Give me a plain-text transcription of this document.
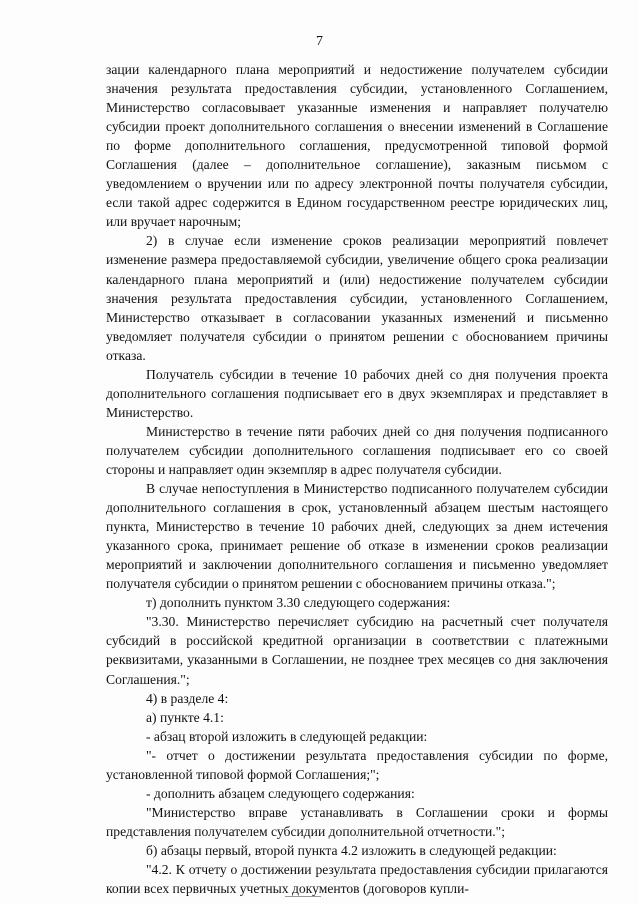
7

зации календарного плана мероприятий и недостижение получателем субсидии значения результата предоставления субсидии, установленного Соглашением, Министерство согласовывает указанные изменения и направляет получателю субсидии проект дополнительного соглашения о внесении изменений в Соглашение по форме дополнительного соглашения, предусмотренной типовой формой Соглашения (далее – дополнительное соглашение), заказным письмом с уведомлением о вручении или по адресу электронной почты получателя субсидии, если такой адрес содержится в Едином государственном реестре юридических лиц, или вручает нарочным;

2) в случае если изменение сроков реализации мероприятий повлечет изменение размера предоставляемой субсидии, увеличение общего срока реализации календарного плана мероприятий и (или) недостижение получателем субсидии значения результата предоставления субсидии, установленного Соглашением, Министерство отказывает в согласовании указанных изменений и письменно уведомляет получателя субсидии о принятом решении с обоснованием причины отказа.

Получатель субсидии в течение 10 рабочих дней со дня получения проекта дополнительного соглашения подписывает его в двух экземплярах и представляет в Министерство.

Министерство в течение пяти рабочих дней со дня получения подписанного получателем субсидии дополнительного соглашения подписывает его со своей стороны и направляет один экземпляр в адрес получателя субсидии.

В случае непоступления в Министерство подписанного получателем субсидии дополнительного соглашения в срок, установленный абзацем шестым настоящего пункта, Министерство в течение 10 рабочих дней, следующих за днем истечения указанного срока, принимает решение об отказе в изменении сроков реализации мероприятий и заключении дополнительного соглашения и письменно уведомляет получателя субсидии о принятом решении с обоснованием причины отказа.";

т) дополнить пунктом 3.30 следующего содержания:

"3.30. Министерство перечисляет субсидию на расчетный счет получателя субсидий в российской кредитной организации в соответствии с платежными реквизитами, указанными в Соглашении, не позднее трех месяцев со дня заключения Соглашения.";

4) в разделе 4:

а) пункте 4.1:

- абзац второй изложить в следующей редакции:

"- отчет о достижении результата предоставления субсидии по форме, установленной типовой формой Соглашения;";

- дополнить абзацем следующего содержания:

"Министерство вправе устанавливать в Соглашении сроки и формы представления получателем субсидии дополнительной отчетности.";

б) абзацы первый, второй пункта 4.2 изложить в следующей редакции:

"4.2. К отчету о достижении результата предоставления субсидии прилагаются копии всех первичных учетных документов (договоров купли-
